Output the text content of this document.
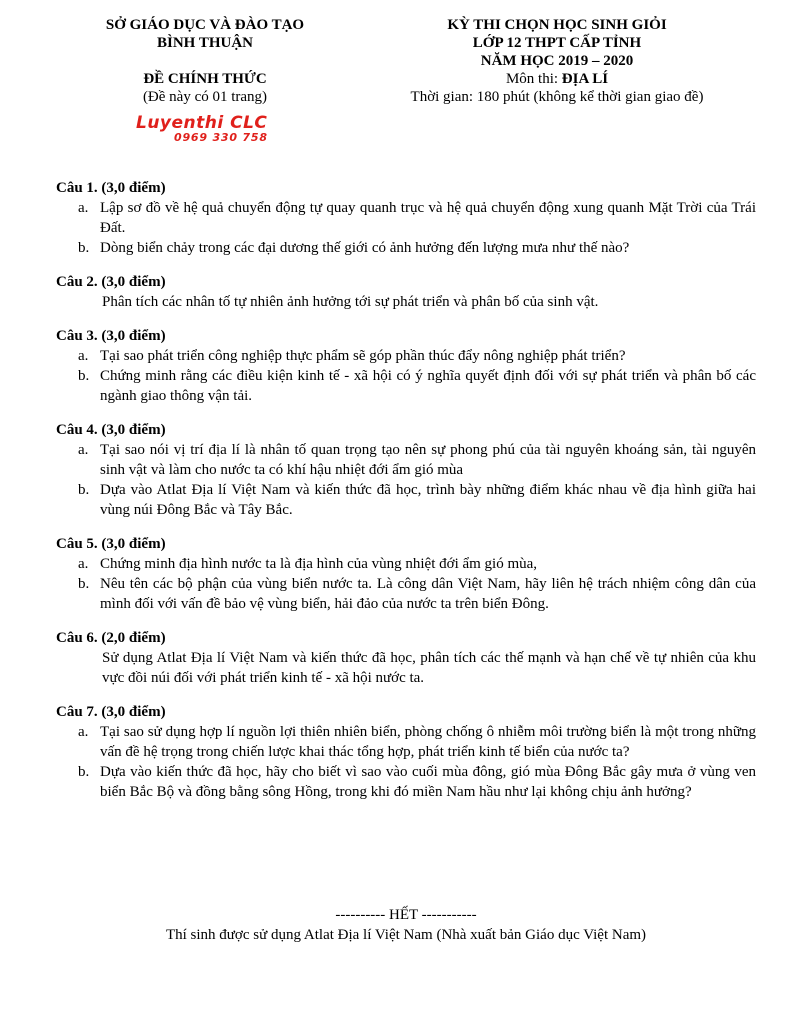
SỞ GIÁO DỤC VÀ ĐÀO TẠO
BÌNH THUẬN
ĐỀ CHÍNH THỨC
(Đề này có 01 trang)
KỲ THI CHỌN HỌC SINH GIỎI
LỚP 12 THPT CẤP TỈNH
NĂM HỌC 2019 – 2020
Môn thi: ĐỊA LÍ
Thời gian: 180 phút (không kể thời gian giao đề)
Luyenthi CLC
0969 330 758
Câu 1. (3,0 điểm)
a. Lập sơ đồ về hệ quả chuyển động tự quay quanh trục và hệ quả chuyển động xung quanh Mặt Trời của Trái Đất.
b. Dòng biển chảy trong các đại dương thế giới có ảnh hưởng đến lượng mưa như thế nào?
Câu 2. (3,0 điểm)
Phân tích các nhân tố tự nhiên ảnh hưởng tới sự phát triển và phân bố của sinh vật.
Câu 3. (3,0 điểm)
a. Tại sao phát triển công nghiệp thực phẩm sẽ góp phần thúc đẩy nông nghiệp phát triển?
b. Chứng minh rằng các điều kiện kinh tế - xã hội có ý nghĩa quyết định đối với sự phát triển và phân bố các ngành giao thông vận tải.
Câu 4. (3,0 điểm)
a. Tại sao nói vị trí địa lí là nhân tố quan trọng tạo nên sự phong phú của tài nguyên khoáng sản, tài nguyên sinh vật và làm cho nước ta có khí hậu nhiệt đới ẩm gió mùa
b. Dựa vào Atlat Địa lí Việt Nam và kiến thức đã học, trình bày những điểm khác nhau về địa hình giữa hai vùng núi Đông Bắc và Tây Bắc.
Câu 5. (3,0 điểm)
a. Chứng minh địa hình nước ta là địa hình của vùng nhiệt đới ẩm gió mùa,
b. Nêu tên các bộ phận của vùng biển nước ta. Là công dân Việt Nam, hãy liên hệ trách nhiệm công dân của mình đối với vấn đề bảo vệ vùng biển, hải đảo của nước ta trên biển Đông.
Câu 6. (2,0 điểm)
Sử dụng Atlat Địa lí Việt Nam và kiến thức đã học, phân tích các thế mạnh và hạn chế về tự nhiên của khu vực đồi núi đối với phát triển kinh tế - xã hội nước ta.
Câu 7. (3,0 điểm)
a. Tại sao sử dụng hợp lí nguồn lợi thiên nhiên biển, phòng chống ô nhiễm môi trường biển là một trong những vấn đề hệ trọng trong chiến lược khai thác tổng hợp, phát triển kinh tế biển của nước ta?
b. Dựa vào kiến thức đã học, hãy cho biết vì sao vào cuối mùa đông, gió mùa Đông Bắc gây mưa ở vùng ven biển Bắc Bộ và đồng bằng sông Hồng, trong khi đó miền Nam hầu như lại không chịu ảnh hưởng?
---------- HẾT -----------
Thí sinh được sử dụng Atlat Địa lí Việt Nam (Nhà xuất bản Giáo dục Việt Nam)
